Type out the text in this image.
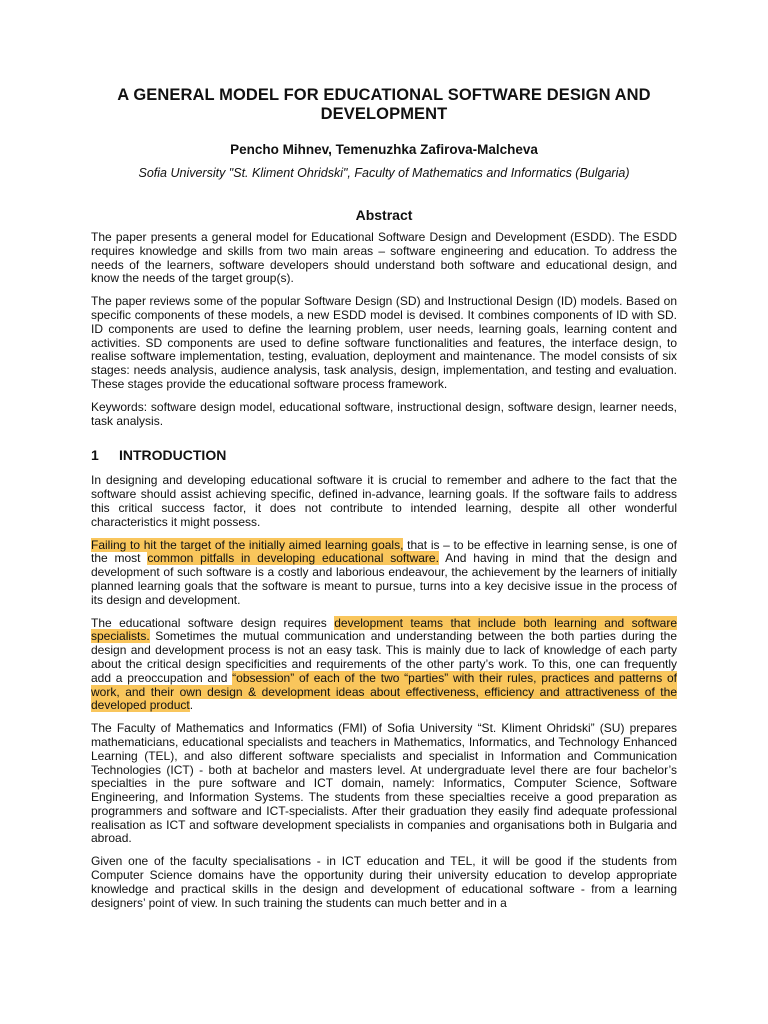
A GENERAL MODEL FOR EDUCATIONAL SOFTWARE DESIGN AND DEVELOPMENT
Pencho Mihnev, Temenuzhka Zafirova-Malcheva
Sofia University "St. Kliment Ohridski", Faculty of Mathematics and Informatics (Bulgaria)
Abstract

The paper presents a general model for Educational Software Design and Development (ESDD). The ESDD requires knowledge and skills from two main areas – software engineering and education. To address the needs of the learners, software developers should understand both software and educational design, and know the needs of the target group(s).

The paper reviews some of the popular Software Design (SD) and Instructional Design (ID) models. Based on specific components of these models, a new ESDD model is devised. It combines components of ID with SD. ID components are used to define the learning problem, user needs, learning goals, learning content and activities. SD components are used to define software functionalities and features, the interface design, to realise software implementation, testing, evaluation, deployment and maintenance. The model consists of six stages: needs analysis, audience analysis, task analysis, design, implementation, and testing and evaluation. These stages provide the educational software process framework.

Keywords: software design model, educational software, instructional design, software design, learner needs, task analysis.

1 INTRODUCTION

In designing and developing educational software it is crucial to remember and adhere to the fact that the software should assist achieving specific, defined in-advance, learning goals. If the software fails to address this critical success factor, it does not contribute to intended learning, despite all other wonderful characteristics it might possess.

Failing to hit the target of the initially aimed learning goals, that is – to be effective in learning sense, is one of the most common pitfalls in developing educational software. And having in mind that the design and development of such software is a costly and laborious endeavour, the achievement by the learners of initially planned learning goals that the software is meant to pursue, turns into a key decisive issue in the process of its design and development.

The educational software design requires development teams that include both learning and software specialists. Sometimes the mutual communication and understanding between the both parties during the design and development process is not an easy task. This is mainly due to lack of knowledge of each party about the critical design specificities and requirements of the other party’s work. To this, one can frequently add a preoccupation and “obsession” of each of the two “parties” with their rules, practices and patterns of work, and their own design & development ideas about effectiveness, efficiency and attractiveness of the developed product.

The Faculty of Mathematics and Informatics (FMI) of Sofia University “St. Kliment Ohridski” (SU) prepares mathematicians, educational specialists and teachers in Mathematics, Informatics, and Technology Enhanced Learning (TEL), and also different software specialists and specialist in Information and Communication Technologies (ICT) - both at bachelor and masters level. At undergraduate level there are four bachelor’s specialties in the pure software and ICT domain, namely: Informatics, Computer Science, Software Engineering, and Information Systems. The students from these specialties receive a good preparation as programmers and software and ICT-specialists. After their graduation they easily find adequate professional realisation as ICT and software development specialists in companies and organisations both in Bulgaria and abroad.

Given one of the faculty specialisations - in ICT education and TEL, it will be good if the students from Computer Science domains have the opportunity during their university education to develop appropriate knowledge and practical skills in the design and development of educational software - from a learning designers’ point of view. In such training the students can much better and in a
